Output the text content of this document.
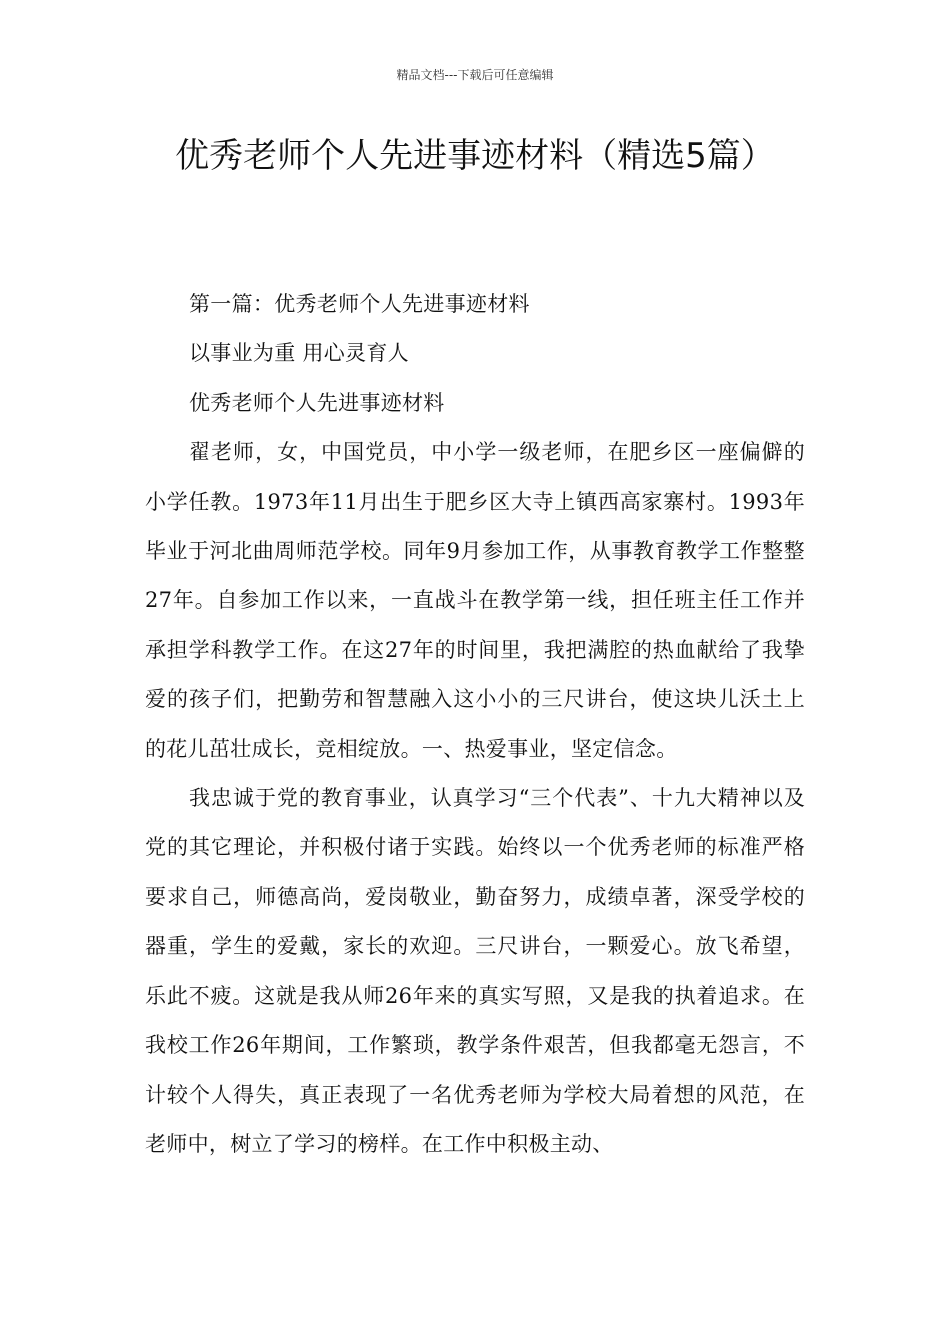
精品文档---下载后可任意编辑
优秀老师个人先进事迹材料（精选5篇）

第一篇：优秀老师个人先进事迹材料

以事业为重 用心灵育人

优秀老师个人先进事迹材料

翟老师，女，中国党员，中小学一级老师，在肥乡区一座偏僻的小学任教。1973年11月出生于肥乡区大寺上镇西高家寨村。1993年毕业于河北曲周师范学校。同年9月参加工作，从事教育教学工作整整27年。自参加工作以来，一直战斗在教学第一线，担任班主任工作并承担学科教学工作。在这27年的时间里，我把满腔的热血献给了我挚爱的孩子们，把勤劳和智慧融入这小小的三尺讲台，使这块儿沃土上的花儿茁壮成长，竞相绽放。一、热爱事业，坚定信念。

我忠诚于党的教育事业，认真学习“三个代表”、十九大精神以及党的其它理论，并积极付诸于实践。始终以一个优秀老师的标准严格要求自己，师德高尚，爱岗敬业，勤奋努力，成绩卓著，深受学校的器重，学生的爱戴，家长的欢迎。三尺讲台，一颗爱心。放飞希望，乐此不疲。这就是我从师26年来的真实写照，又是我的执着追求。在我校工作26年期间，工作繁琐，教学条件艰苦，但我都毫无怨言，不计较个人得失，真正表现了一名优秀老师为学校大局着想的风范，在老师中，树立了学习的榜样。在工作中积极主动、
